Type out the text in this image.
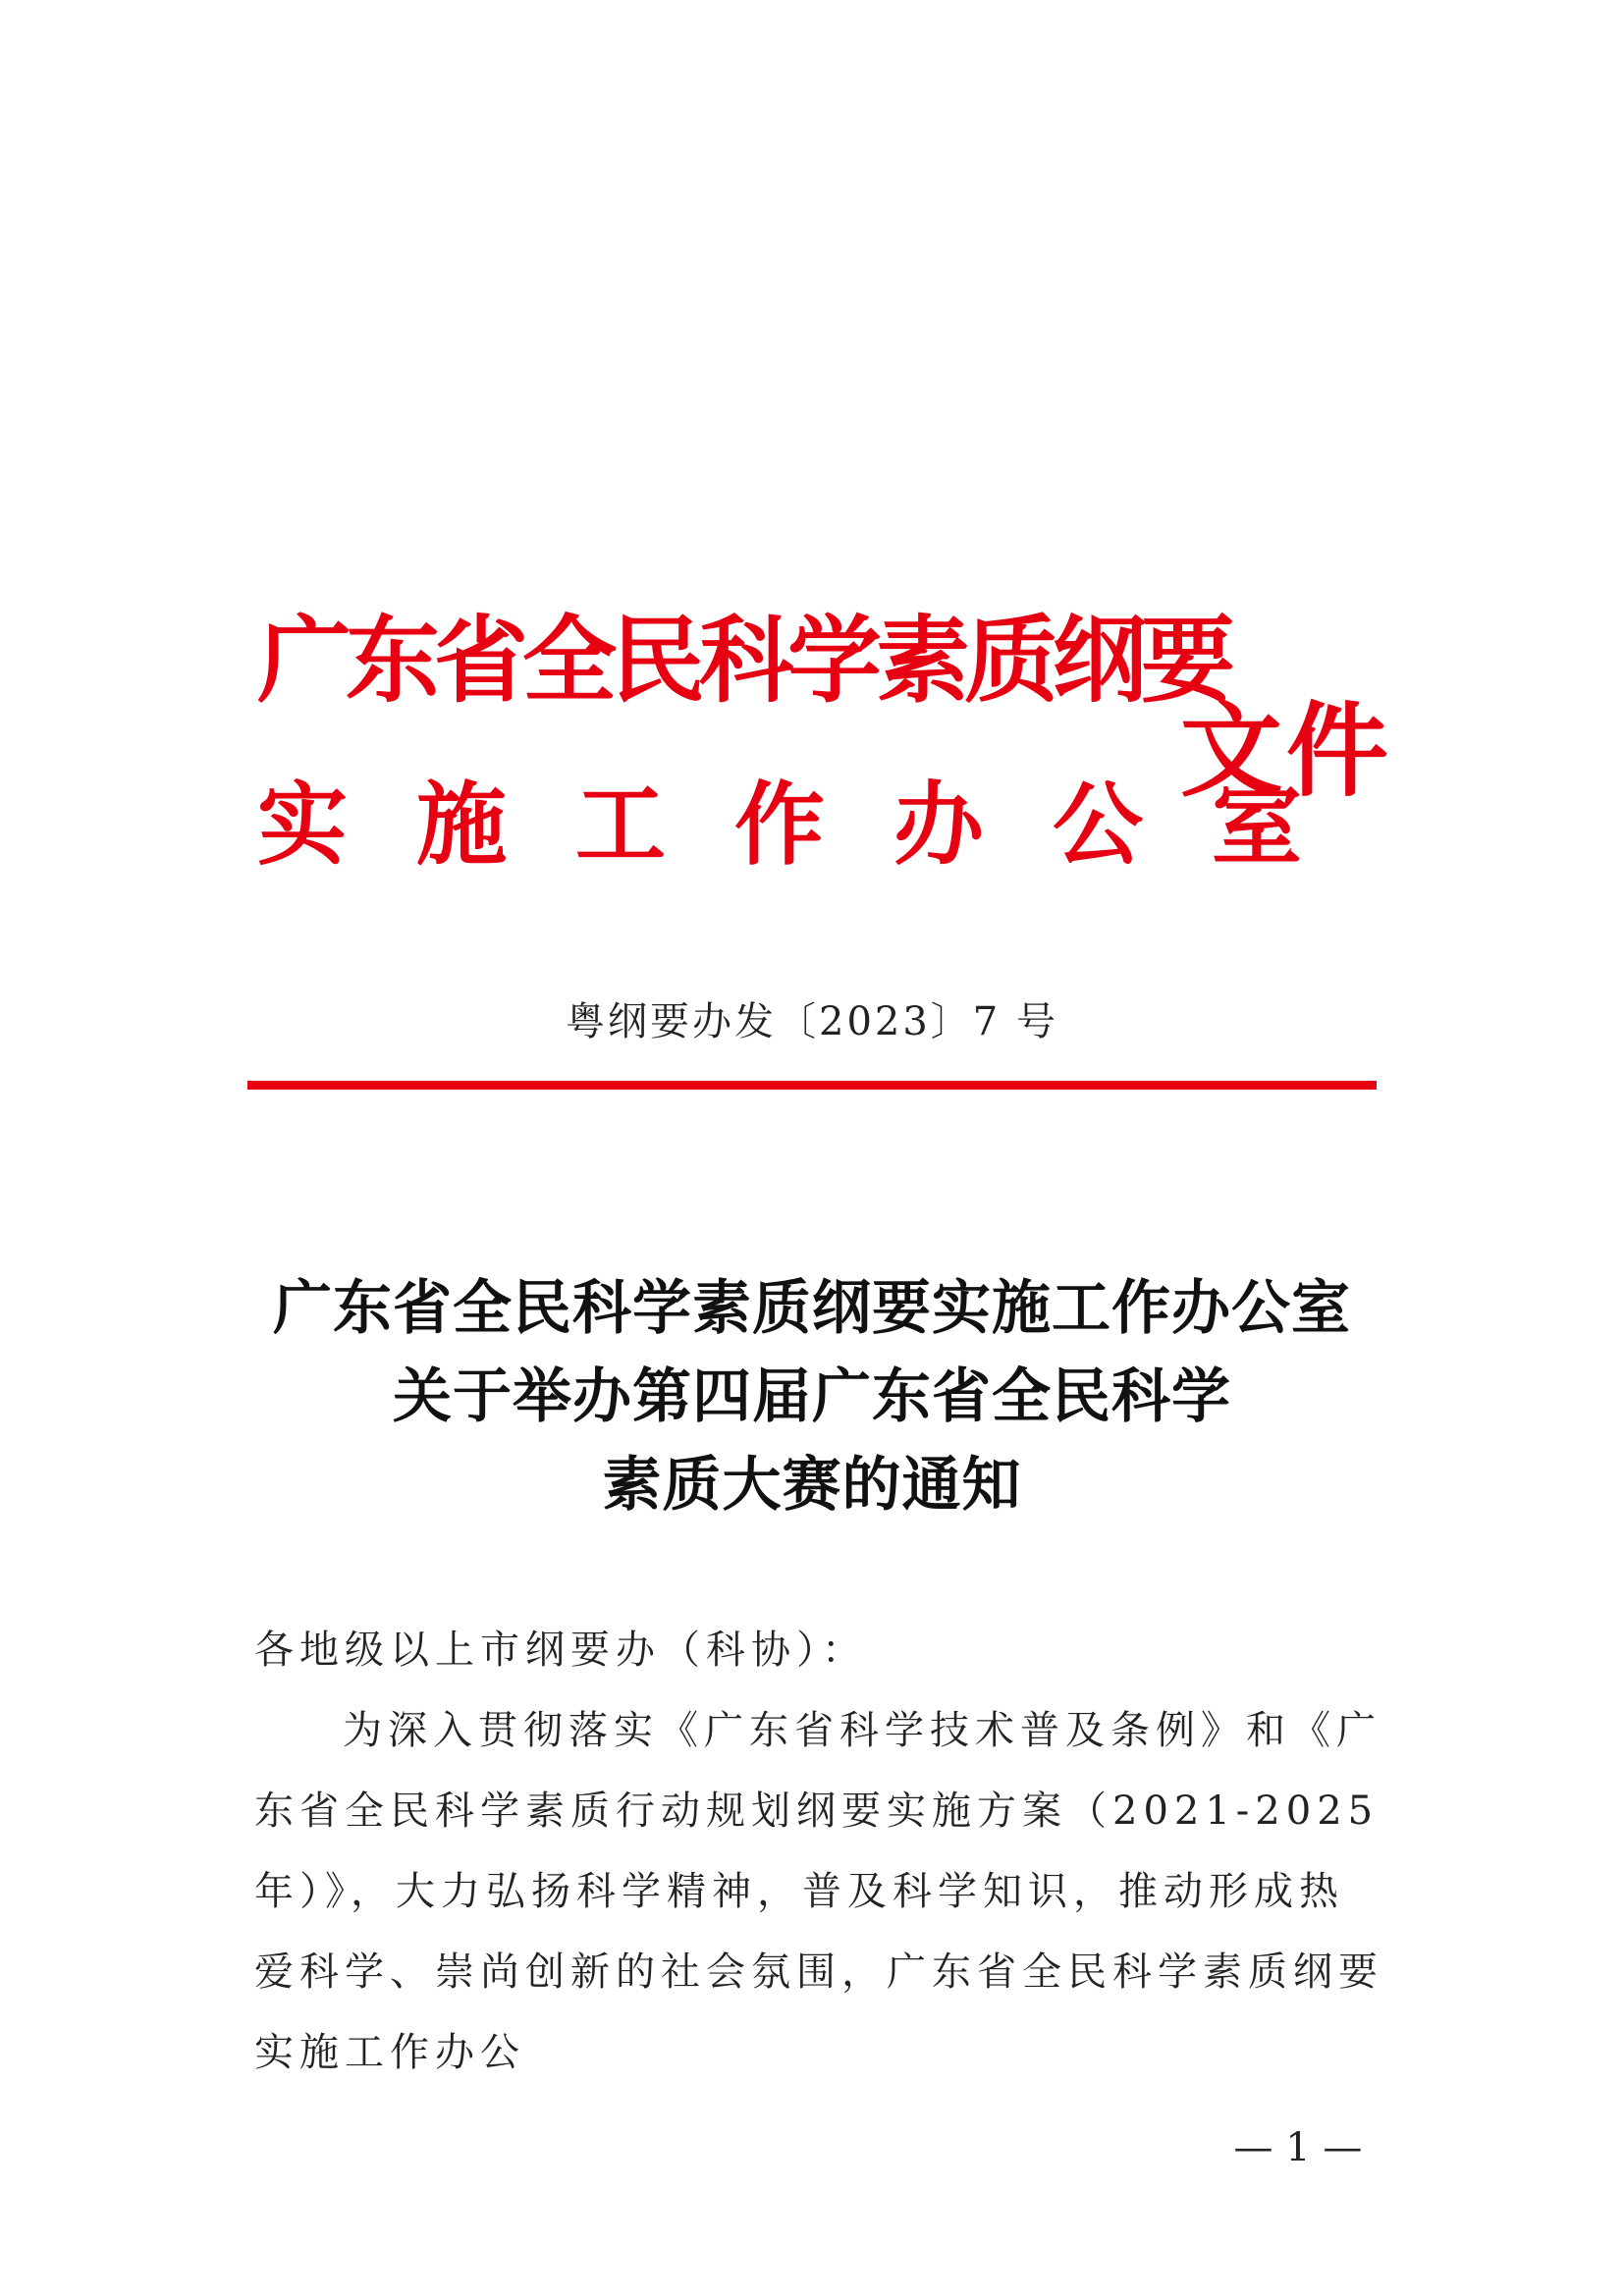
广东省全民科学素质纲要
实施工作办公室
文件
粤纲要办发〔2023〕7 号
广东省全民科学素质纲要实施工作办公室
关于举办第四届广东省全民科学
素质大赛的通知

各地级以上市纲要办（科协）：

为深入贯彻落实《广东省科学技术普及条例》和《广东省全民科学素质行动规划纲要实施方案（2021-2025 年）》，大力弘扬科学精神，普及科学知识，推动形成热爱科学、崇尚创新的社会氛围，广东省全民科学素质纲要实施工作办公

— 1 —
